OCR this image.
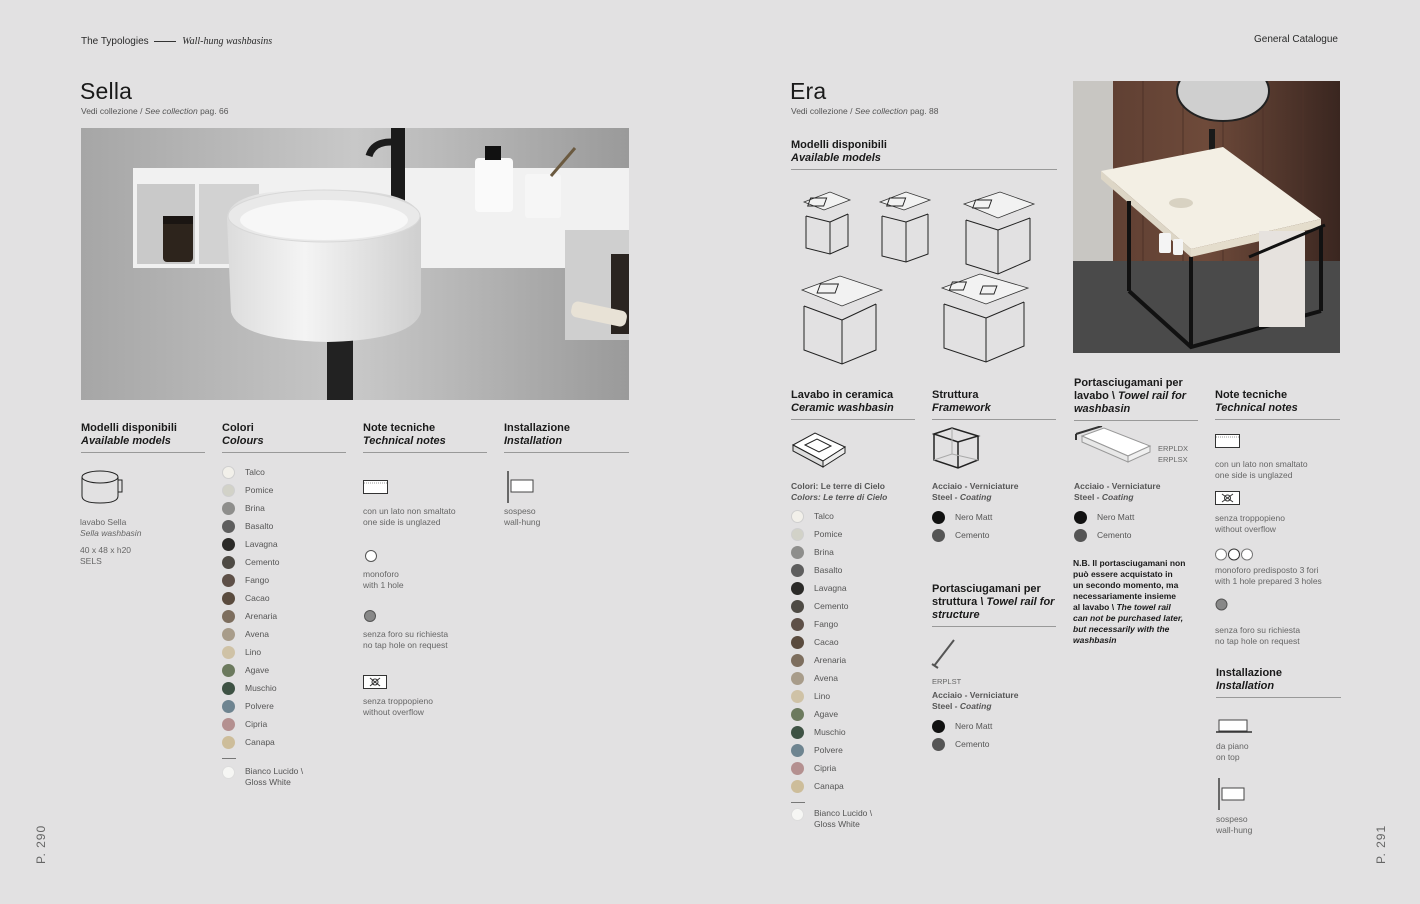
The Typologies	Wall-hung washbasins	General Catalogue
Sella
Vedi collezione / See collection pag. 66
Modelli disponibili
Available models
Colori
Colours
Note tecniche
Technical notes
Installazione
Installation
lavabo Sella
Sella washbasin
40 x 48 x h20
SELS
Talco
Pomice
Brina
Basalto
Lavagna
Cemento
Fango
Cacao
Arenaria
Avena
Lino
Agave
Muschio
Polvere
Cipria
Canapa
Bianco Lucido \
Gloss White
con un lato non smaltato
one side is unglazed
monoforo
with 1 hole
senza foro su richiesta
no tap hole on request
senza troppopieno
without overflow
sospeso
wall-hung
P. 290
Era
Vedi collezione / See collection pag. 88
Modelli disponibili
Available models
Lavabo in ceramica
Ceramic washbasin
Struttura
Framework
Portasciugamani per
lavabo \ Towel rail for
washbasin
Note tecniche
Technical notes
Colori: Le terre di Cielo
Colors: Le terre di Cielo
Talco
Pomice
Brina
Basalto
Lavagna
Cemento
Fango
Cacao
Arenaria
Avena
Lino
Agave
Muschio
Polvere
Cipria
Canapa
Bianco Lucido \
Gloss White
Acciaio - Verniciature
Steel - Coating
Nero Matt
Cemento
Portasciugamani per
struttura \ Towel rail for
structure
ERPLST
Acciaio - Verniciature
Steel - Coating
Nero Matt
Cemento
ERPLDX
ERPLSX
Acciaio - Verniciature
Steel - Coating
Nero Matt
Cemento
N.B. Il portasciugamani non
può essere acquistato in
un secondo momento, ma
necessariamente insieme
al lavabo \ The towel rail
can not be purchased later,
but necessarily with the
washbasin
con un lato non smaltato
one side is unglazed
senza troppopieno
without overflow
monoforo predisposto 3 fori
with 1 hole prepared 3 holes
senza foro su richiesta
no tap hole on request
Installazione
Installation
da piano
on top
sospeso
wall-hung	P. 291
